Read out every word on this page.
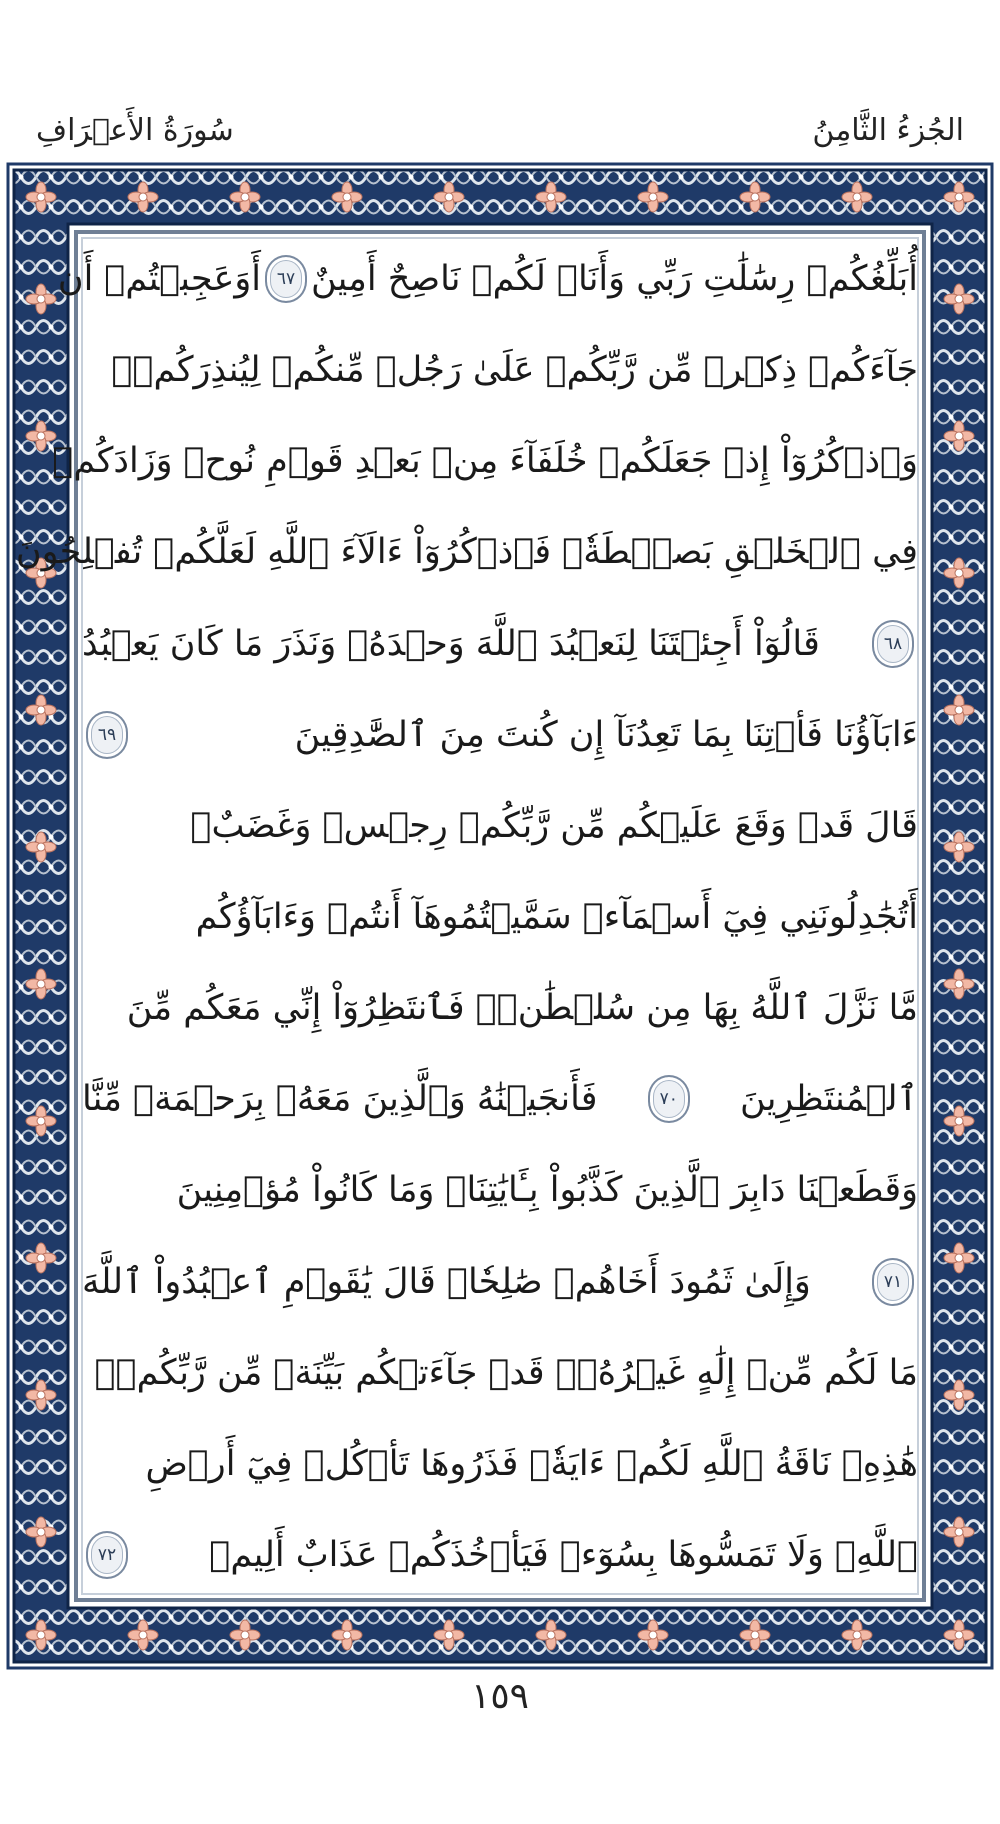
الجُزءُ الثَّامِنُ
سُورَةُ الأَعۡرَافِ
أُبَلِّغُكُمۡ رِسَٰلَٰتِ رَبِّي وَأَنَا۠ لَكُمۡ نَاصِحٌ أَمِينٌ
٦٧
أَوَعَجِبۡتُمۡ أَن
جَآءَكُمۡ ذِكۡرٞ مِّن رَّبِّكُمۡ عَلَىٰ رَجُلٖ مِّنكُمۡ لِيُنذِرَكُمۡۚ
وَٱذۡكُرُوٓاْ إِذۡ جَعَلَكُمۡ خُلَفَآءَ مِنۢ بَعۡدِ قَوۡمِ نُوحٖ وَزَادَكُمۡ
فِي ٱلۡخَلۡقِ بَصۜۡطَةٗۖ فَٱذۡكُرُوٓاْ ءَالَآءَ ٱللَّهِ لَعَلَّكُمۡ تُفۡلِحُونَ
٦٨
قَالُوٓاْ أَجِئۡتَنَا لِنَعۡبُدَ ٱللَّهَ وَحۡدَهُۥ وَنَذَرَ مَا كَانَ يَعۡبُدُ
ءَابَآؤُنَا فَأۡتِنَا بِمَا تَعِدُنَآ إِن كُنتَ مِنَ ٱلصَّٰدِقِينَ
٦٩
قَالَ قَدۡ وَقَعَ عَلَيۡكُم مِّن رَّبِّكُمۡ رِجۡسٞ وَغَضَبٌۖ
أَتُجَٰدِلُونَنِي فِيٓ أَسۡمَآءٖ سَمَّيۡتُمُوهَآ أَنتُمۡ وَءَابَآؤُكُم
مَّا نَزَّلَ ٱللَّهُ بِهَا مِن سُلۡطَٰنٖۚ فَٱنتَظِرُوٓاْ إِنِّي مَعَكُم مِّنَ
ٱلۡمُنتَظِرِينَ
٧٠
فَأَنجَيۡنَٰهُ وَٱلَّذِينَ مَعَهُۥ بِرَحۡمَةٖ مِّنَّا
وَقَطَعۡنَا دَابِرَ ٱلَّذِينَ كَذَّبُواْ بِـَٔايَٰتِنَاۖ وَمَا كَانُواْ مُؤۡمِنِينَ
٧١
وَإِلَىٰ ثَمُودَ أَخَاهُمۡ صَٰلِحٗاۚ قَالَ يَٰقَوۡمِ ٱعۡبُدُواْ ٱللَّهَ
مَا لَكُم مِّنۡ إِلَٰهٍ غَيۡرُهُۥۖ قَدۡ جَآءَتۡكُم بَيِّنَةٞ مِّن رَّبِّكُمۡۖ
هَٰذِهِۦ نَاقَةُ ٱللَّهِ لَكُمۡ ءَايَةٗۖ فَذَرُوهَا تَأۡكُلۡ فِيٓ أَرۡضِ
ٱللَّهِۖ وَلَا تَمَسُّوهَا بِسُوٓءٖ فَيَأۡخُذَكُمۡ عَذَابٌ أَلِيمٞ
٧٢
١٥٩
